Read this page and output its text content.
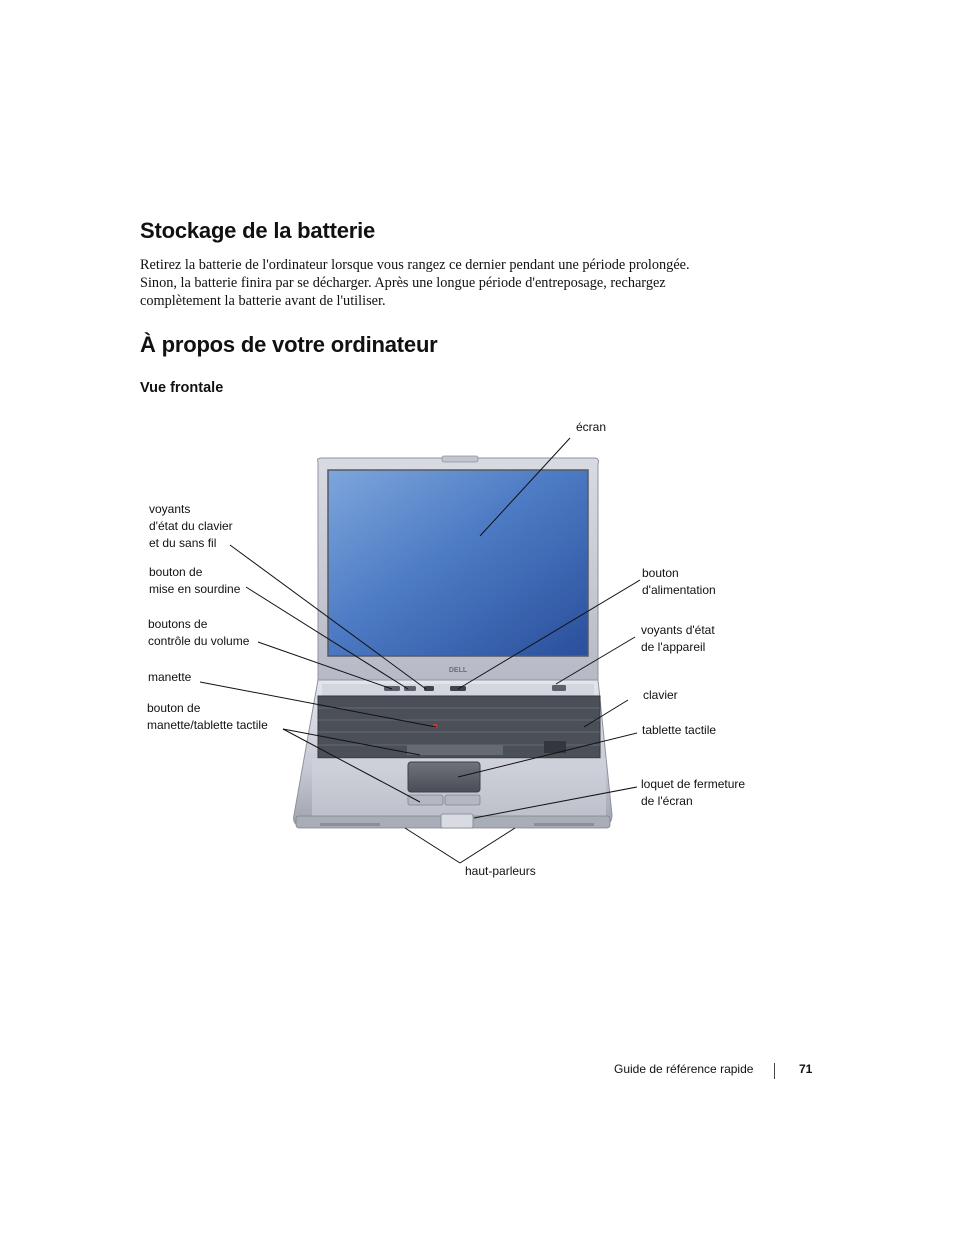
Stockage de la batterie
Retirez la batterie de l'ordinateur lorsque vous rangez ce dernier pendant une période prolongée.
Sinon, la batterie finira par se décharger. Après une longue période d'entreposage, rechargez
complètement la batterie avant de l'utiliser.
À propos de votre ordinateur
Vue frontale
DELL
écran
voyants
d'état du clavier
et du sans fil
bouton de
mise en sourdine
boutons de
contrôle du volume
manette
bouton de
manette/tablette tactile
bouton
d'alimentation
voyants d'état
de l'appareil
clavier
tablette tactile
loquet de fermeture
de l'écran
haut-parleurs
Guide de référence rapide	71
